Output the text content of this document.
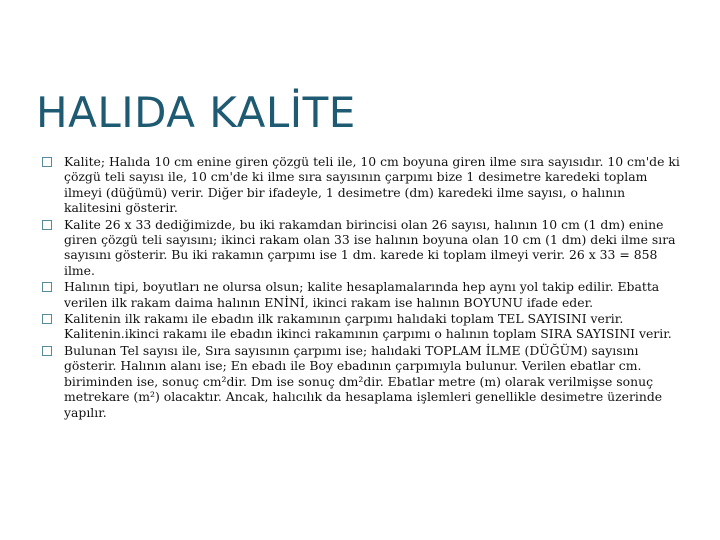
HALIDA KALİTE
Kalite; Halıda 10 cm enine giren çözgü teli ile, 10 cm boyuna giren ilme sıra sayısıdır. 10 cm'de ki çözgü teli sayısı ile, 10 cm'de ki ilme sıra sayısının çarpımı bize 1 desimetre karedeki toplam ilmeyi (düğümü) verir. Diğer bir ifadeyle, 1 desimetre (dm) karedeki ilme sayısı, o halının kalitesini gösterir.
Kalite 26 x 33 dediğimizde, bu iki rakamdan birincisi olan 26 sayısı, halının 10 cm (1 dm) enine giren çözgü teli sayısını; ikinci rakam olan 33 ise halının boyuna olan 10 cm (1 dm) deki ilme sıra sayısını gösterir. Bu iki rakamın çarpımı ise 1 dm. karede ki toplam ilmeyi verir. 26 x 33 = 858 ilme.
Halının tipi, boyutları ne olursa olsun; kalite hesaplamalarında hep aynı yol takip edilir. Ebatta verilen ilk rakam daima halının ENİNİ, ikinci rakam ise halının BOYUNU ifade eder.
Kalitenin ilk rakamı ile ebadın ilk rakamının çarpımı halıdaki toplam TEL SAYISINI verir. Kalitenin.ikinci rakamı ile ebadın ikinci rakamının çarpımı o halının toplam SIRA SAYISINI verir.
Bulunan Tel sayısı ile, Sıra sayısının çarpımı ise; halıdaki TOPLAM İLME (DÜĞÜM) sayısını gösterir. Halının alanı ise; En ebadı ile Boy ebadının çarpımıyla bulunur. Verilen ebatlar cm. biriminden ise, sonuç cm²dir. Dm ise sonuç dm²dir. Ebatlar metre (m) olarak verilmişse sonuç metrekare (m²) olacaktır. Ancak, halıcılık da hesaplama işlemleri genellikle desimetre üzerinde yapılır.
